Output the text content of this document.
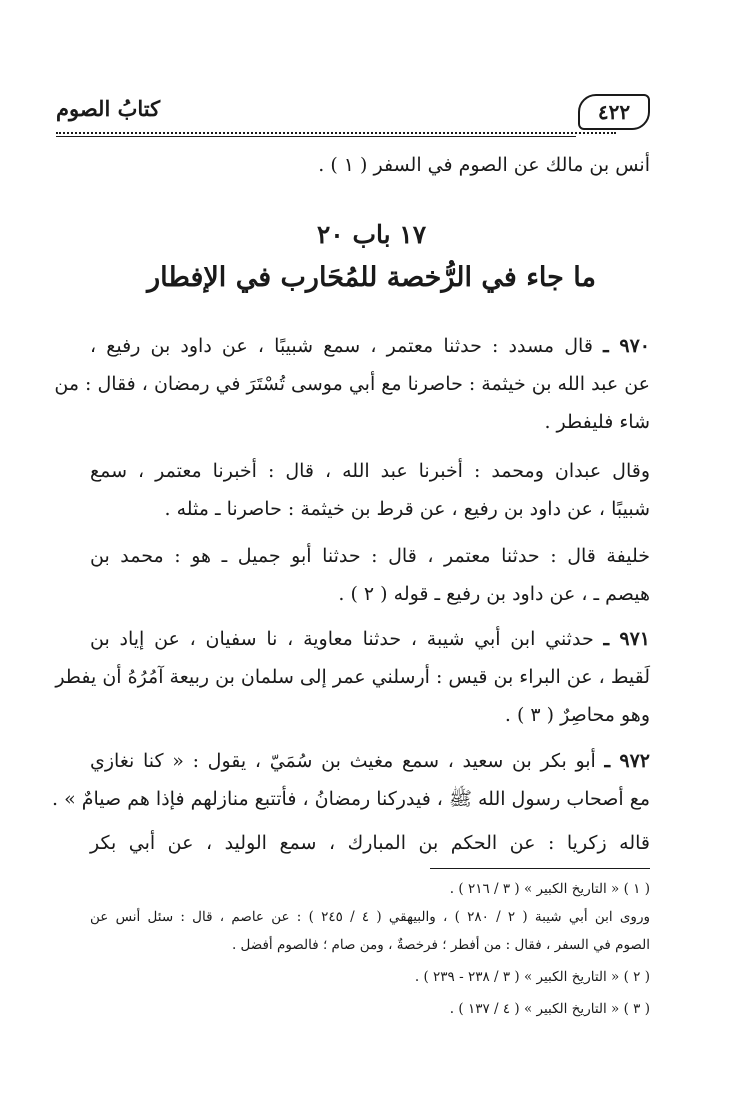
٤٢٢
كتابُ الصوم
أنس بن مالك عن الصوم في السفر ( ١ ) .
١٧ باب ٢٠
ما جاء في الرُّخصة للمُحَارب في الإفطار
٩٧٠ ـ قال مسدد : حدثنا معتمر ، سمع شبيبًا ، عن داود بن رفيع ،
عن عبد الله بن خيثمة : حاصرنا مع أبي موسى تُسْتَرَ في رمضان ، فقال : من
شاء فليفطر .
وقال عبدان ومحمد : أخبرنا عبد الله ، قال : أخبرنا معتمر ، سمع
شبيبًا ، عن داود بن رفيع ، عن قرط بن خيثمة : حاصرنا ـ مثله .
خليفة قال : حدثنا معتمر ، قال : حدثنا أبو جميل ـ هو : محمد بن
هيصم ـ ، عن داود بن رفيع ـ قوله ( ٢ ) .
٩٧١ ـ حدثني ابن أبي شيبة ، حدثنا معاوية ، نا سفيان ، عن إياد بن
لَقيط ، عن البراء بن قيس : أرسلني عمر إلى سلمان بن ربيعة آمُرُهُ أن يفطر
وهو محاصِرٌ ( ٣ ) .
٩٧٢ ـ أبو بكر بن سعيد ، سمع مغيث بن سُمَيّ ، يقول : « كنا نغازي
مع أصحاب رسول الله ﷺ ، فيدركنا رمضانُ ، فأتتبع منازلهم فإذا هم صيامٌ » .
قاله زكريا : عن الحكم بن المبارك ، سمع الوليد ، عن أبي بكر
( ١ ) « التاريخ الكبير » ( ٣ / ٢١٦ ) .
وروى ابن أبي شيبة ( ٢ / ٢٨٠ ) ، والبيهقي ( ٤ / ٢٤٥ ) : عن عاصم ، قال : سئل أنس عن
الصوم في السفر ، فقال : من أفطر ؛ فرخصةٌ ، ومن صام ؛ فالصوم أفضل .
( ٢ ) « التاريخ الكبير » ( ٣ / ٢٣٨ - ٢٣٩ ) .
( ٣ ) « التاريخ الكبير » ( ٤ / ١٣٧ ) .
